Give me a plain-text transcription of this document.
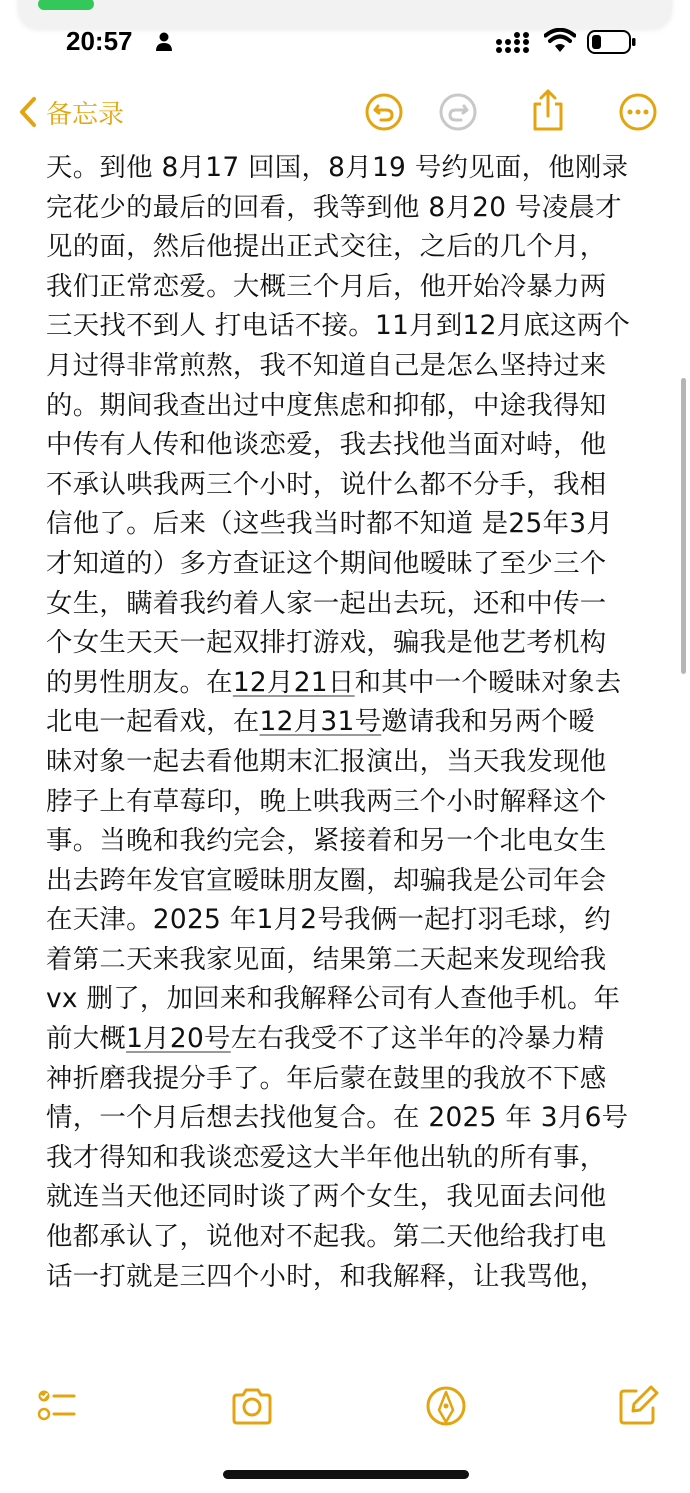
20:57
备忘录
天。到他 8月17 回国，8月19 号约见面，他刚录
完花少的最后的回看，我等到他 8月20 号凌晨才
见的面，然后他提出正式交往，之后的几个月，
我们正常恋爱。大概三个月后，他开始冷暴力两
三天找不到人 打电话不接。11月到12月底这两个
月过得非常煎熬，我不知道自己是怎么坚持过来
的。期间我查出过中度焦虑和抑郁，中途我得知
中传有人传和他谈恋爱，我去找他当面对峙，他
不承认哄我两三个小时，说什么都不分手，我相
信他了。后来（这些我当时都不知道 是25年3月
才知道的）多方查证这个期间他暧昧了至少三个
女生，瞒着我约着人家一起出去玩，还和中传一
个女生天天一起双排打游戏，骗我是他艺考机构
的男性朋友。在12月21日和其中一个暧昧对象去
北电一起看戏，在12月31号邀请我和另两个暧
昧对象一起去看他期末汇报演出，当天我发现他
脖子上有草莓印，晚上哄我两三个小时解释这个
事。当晚和我约完会，紧接着和另一个北电女生
出去跨年发官宣暧昧朋友圈，却骗我是公司年会
在天津。2025 年1月2号我俩一起打羽毛球，约
着第二天来我家见面，结果第二天起来发现给我
vx 删了，加回来和我解释公司有人查他手机。年
前大概1月20号左右我受不了这半年的冷暴力精
神折磨我提分手了。年后蒙在鼓里的我放不下感
情，一个月后想去找他复合。在 2025 年 3月6号
我才得知和我谈恋爱这大半年他出轨的所有事，
就连当天他还同时谈了两个女生，我见面去问他
他都承认了，说他对不起我。第二天他给我打电
话一打就是三四个小时，和我解释，让我骂他，
